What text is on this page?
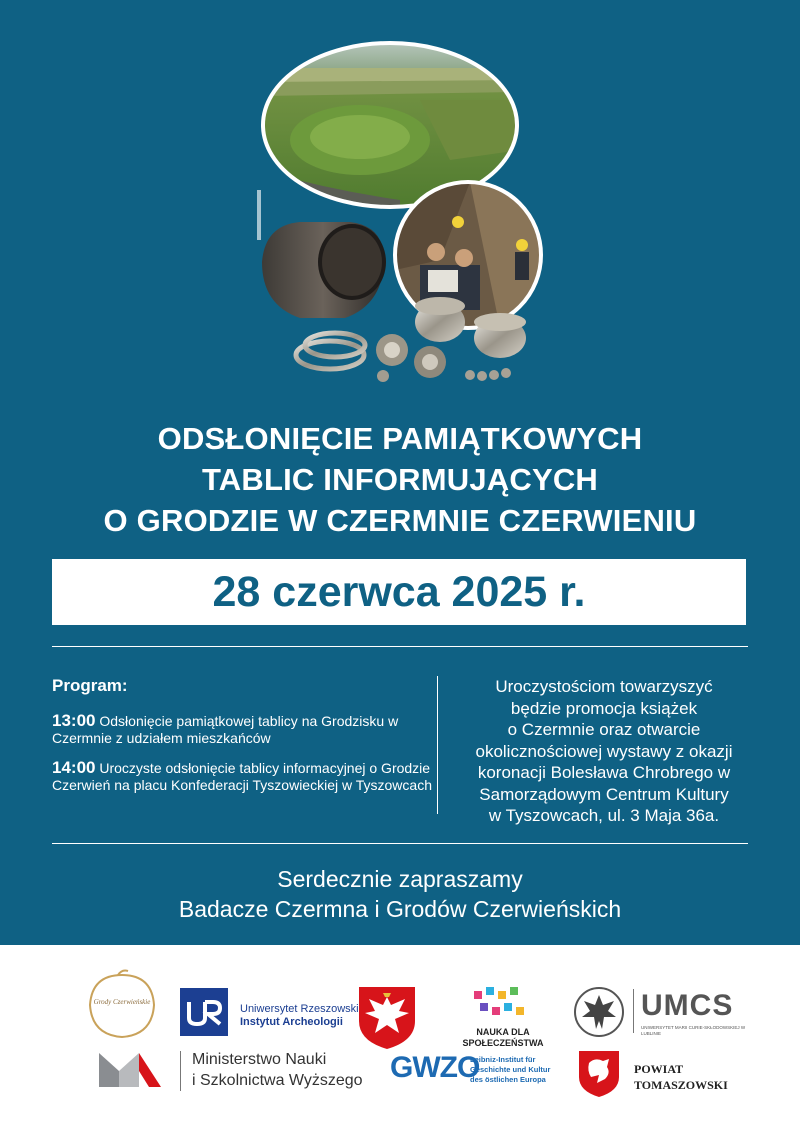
ODSŁONIĘCIE PAMIĄTKOWYCH
TABLIC INFORMUJĄCYCH
O GRODZIE W CZERMNIE CZERWIENIU
28 czerwca 2025 r.
Program:
13:00 Odsłonięcie pamiątkowej tablicy na Grodzisku w Czermnie z udziałem mieszkańców
14:00 Uroczyste odsłonięcie tablicy informacyjnej o Grodzie Czerwień na placu Konfederacji Tyszowieckiej w Tyszowcach
Uroczystościom towarzyszyć
będzie promocja książek
o Czermnie oraz otwarcie
okolicznościowej wystawy z okazji
koronacji Bolesława Chrobrego w
Samorządowym Centrum Kultury
w Tyszowcach, ul. 3 Maja 36a.
Serdecznie zapraszamy
Badacze Czermna i Grodów Czerwieńskich
Grody Czerwieńskie
Uniwersytet Rzeszowski
Instytut Archeologii
NAUKA DLA
SPOŁECZEŃSTWA
UMCS
UNIWERSYTET MARII CURIE-SKŁODOWSKIEJ W LUBLINIE
Ministerstwo Nauki
i Szkolnictwa Wyższego GWZO
Leibniz-Institut für
Geschichte und Kultur
des östlichen Europa
POWIAT
TOMASZOWSKI
